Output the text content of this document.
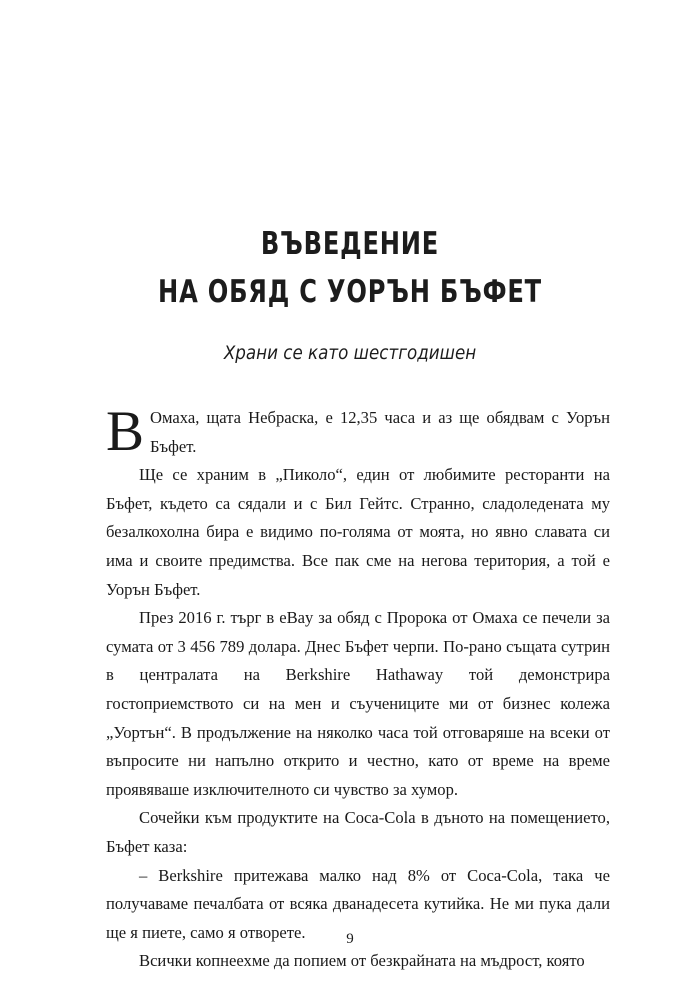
ВЪВЕДЕНИЕ
НА ОБЯД С УОРЪН БЪФЕТ
Храни се като шестгодишен

В Омаха, щата Небраска, е 12,35 часа и аз ще обядвам с Уорън Бъфет.

Ще се храним в „Пиколо“, един от любимите ресторанти на Бъфет, където са сядали и с Бил Гейтс. Странно, сладоледената му безалкохолна бира е видимо по-голяма от моята, но явно славата си има и своите предимства. Все пак сме на негова територия, а той е Уорън Бъфет.

През 2016 г. търг в eBay за обяд с Пророка от Омаха се печели за сумата от 3 456 789 долара. Днес Бъфет черпи. По-рано същата сутрин в централата на Berkshire Hathaway той демонстрира гостоприемството си на мен и съучениците ми от бизнес колежа „Уортън“. В продължение на няколко часа той отговаряше на всеки от въпросите ни напълно открито и честно, като от време на време проявяваше изключителното си чувство за хумор.

Сочейки към продуктите на Coca-Cola в дъното на помещението, Бъфет каза:

– Berkshire притежава малко над 8% от Coca-Cola, така че получаваме печалбата от всяка дванадесета кутийка. Не ми пука дали ще я пиете, само я отворете.

Всички копнеехме да попием от безкрайната на мъдрост, която

9
